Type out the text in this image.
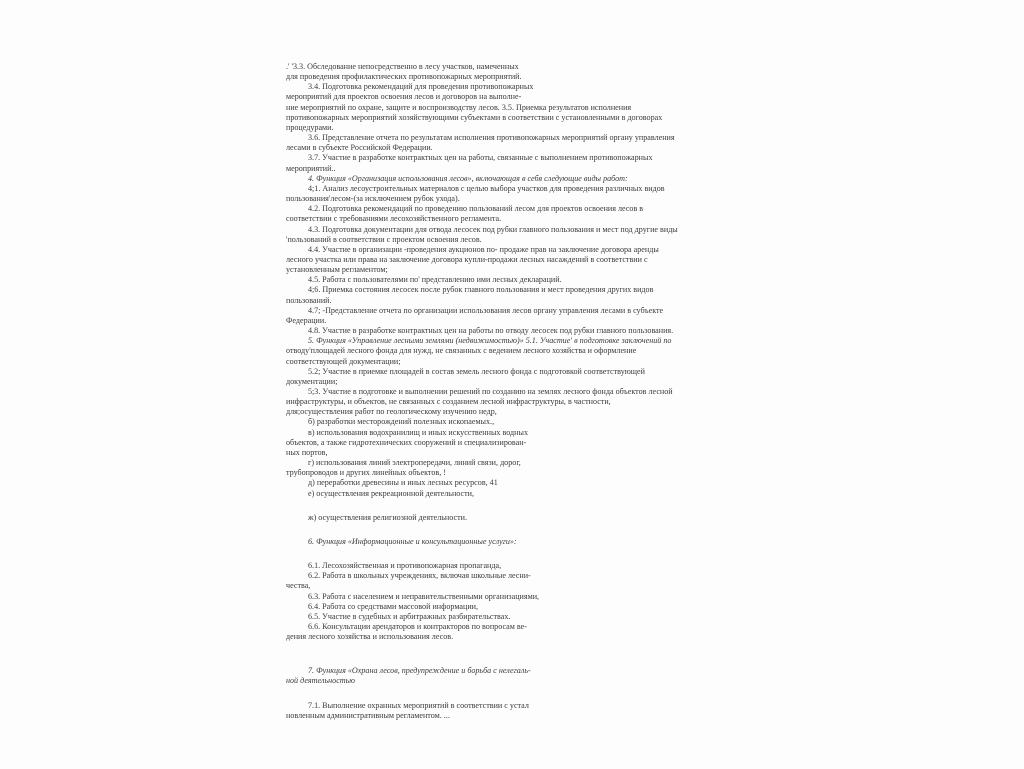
.' '3.3. Обследование непосредственно в лесу участков, намеченных
для проведения профилактических противопожарных мероприятий.
3.4. Подготовка рекомендаций для проведения противопожарных
мероприятий для проектов освоения лесов и договоров на выполне-
ние мероприятий по охране, защите и воспроизводству лесов. 3.5. Приемка результатов исполнения
противопожарных мероприятий хозяйствующими субъектами в соответствии с установленными в договорах
процедурами.
3.6. Представление отчета по результатам исполнения противопожарных мероприятий органу управления
лесами в субъекте Российской Федерации.
3.7. Участие в разработке контрактных цен на работы, связанные с выполнением противопожарных
мероприятий..
4. Функция «Организация использования лесов», включающая в себя следующие виды работ:
4;1. Анализ лесоустроительных материалов с целью выбора участков для проведения различных видов
пользования'лесом-(за исключением рубок ухода).
4.2. Подготовка рекомендаций по проведению пользований лесом для проектов освоения лесов в
соответствии с требованиями лесохозяйственного регламента.
4.3. Подготовка документации для отвода лесосек под рубки главного пользования и мест под другие виды
'пользований в соответствии с проектом освоения лесов.
4.4. Участие в организации -проведения аукционов по- продаже прав на заключение договора аренды
лесного участка или права на заключение договора купли-продажи лесных насаждений в соответствии с
установленным регламентом;
4.5. Работа с пользователями по' представлению ими лесных деклараций.
4;6. Приемка состояния лесосек после рубок главного пользования и мест проведения других видов
пользований.
4.7; -Представление отчета по организации использования лесов органу управления лесами в субъекте
Федерации.
4.8. Участие в разработке контрактных цен на работы по отводу лесосек под рубки главного пользования.
5. Функция «Управление лесными землями (недвижимостью)» 5.1. Участие' в подготовке заключений по
отводу'площадей лесного фонда для нужд, не связанных с ведением лесного хозяйства и оформление
соответствующей документации;
5.2; Участие в приемке площадей в состав земель лесного фонда с подготовкой соответствующей
документации;
5;3. Участие в подготовке и выполнении решений по созданию на землях лесного фонда объектов лесной
инфраструктуры, и объектов, не связанных с созданием лесной инфраструктуры, в частности,
для;осуществления работ по геологическому изучению недр,
б) разработки месторождений полезных ископаемых.,
в) использования водохранилищ и иных искусственных водных
объектов, а также гидротехнических сооружений и специализирован-
ных портов,
г) использования линий электропередачи, линий связи, дорог,
трубопроводов и других линейных объектов, !
д) переработки древесины и иных лесных ресурсов, 41
е) осуществления рекреационной деятельности,

ж) осуществления религиозной деятельности.

6. Функция «Информационные и консультационные услуги»:

6.1. Лесохозяйственная и противопожарная пропаганда,
6.2. Работа в школьных учреждениях, включая школьные лесни-
чества,
6.3. Работа с населением и неправительственными организациями,
6.4. Работа со средствами массовой информации,
6.5. Участие в судебных и арбитражных разбирательствах.
6.6. Консультации арендаторов и контракторов по вопросам ве-
дения лесного хозяйства и использования лесов.

7. Функция «Охрана лесов, предупреждение и борьба с нелегаль-
ной деятельностью

7.1. Выполнение охранных мероприятий в соответствии с устал
новленным административным регламентом. ...
